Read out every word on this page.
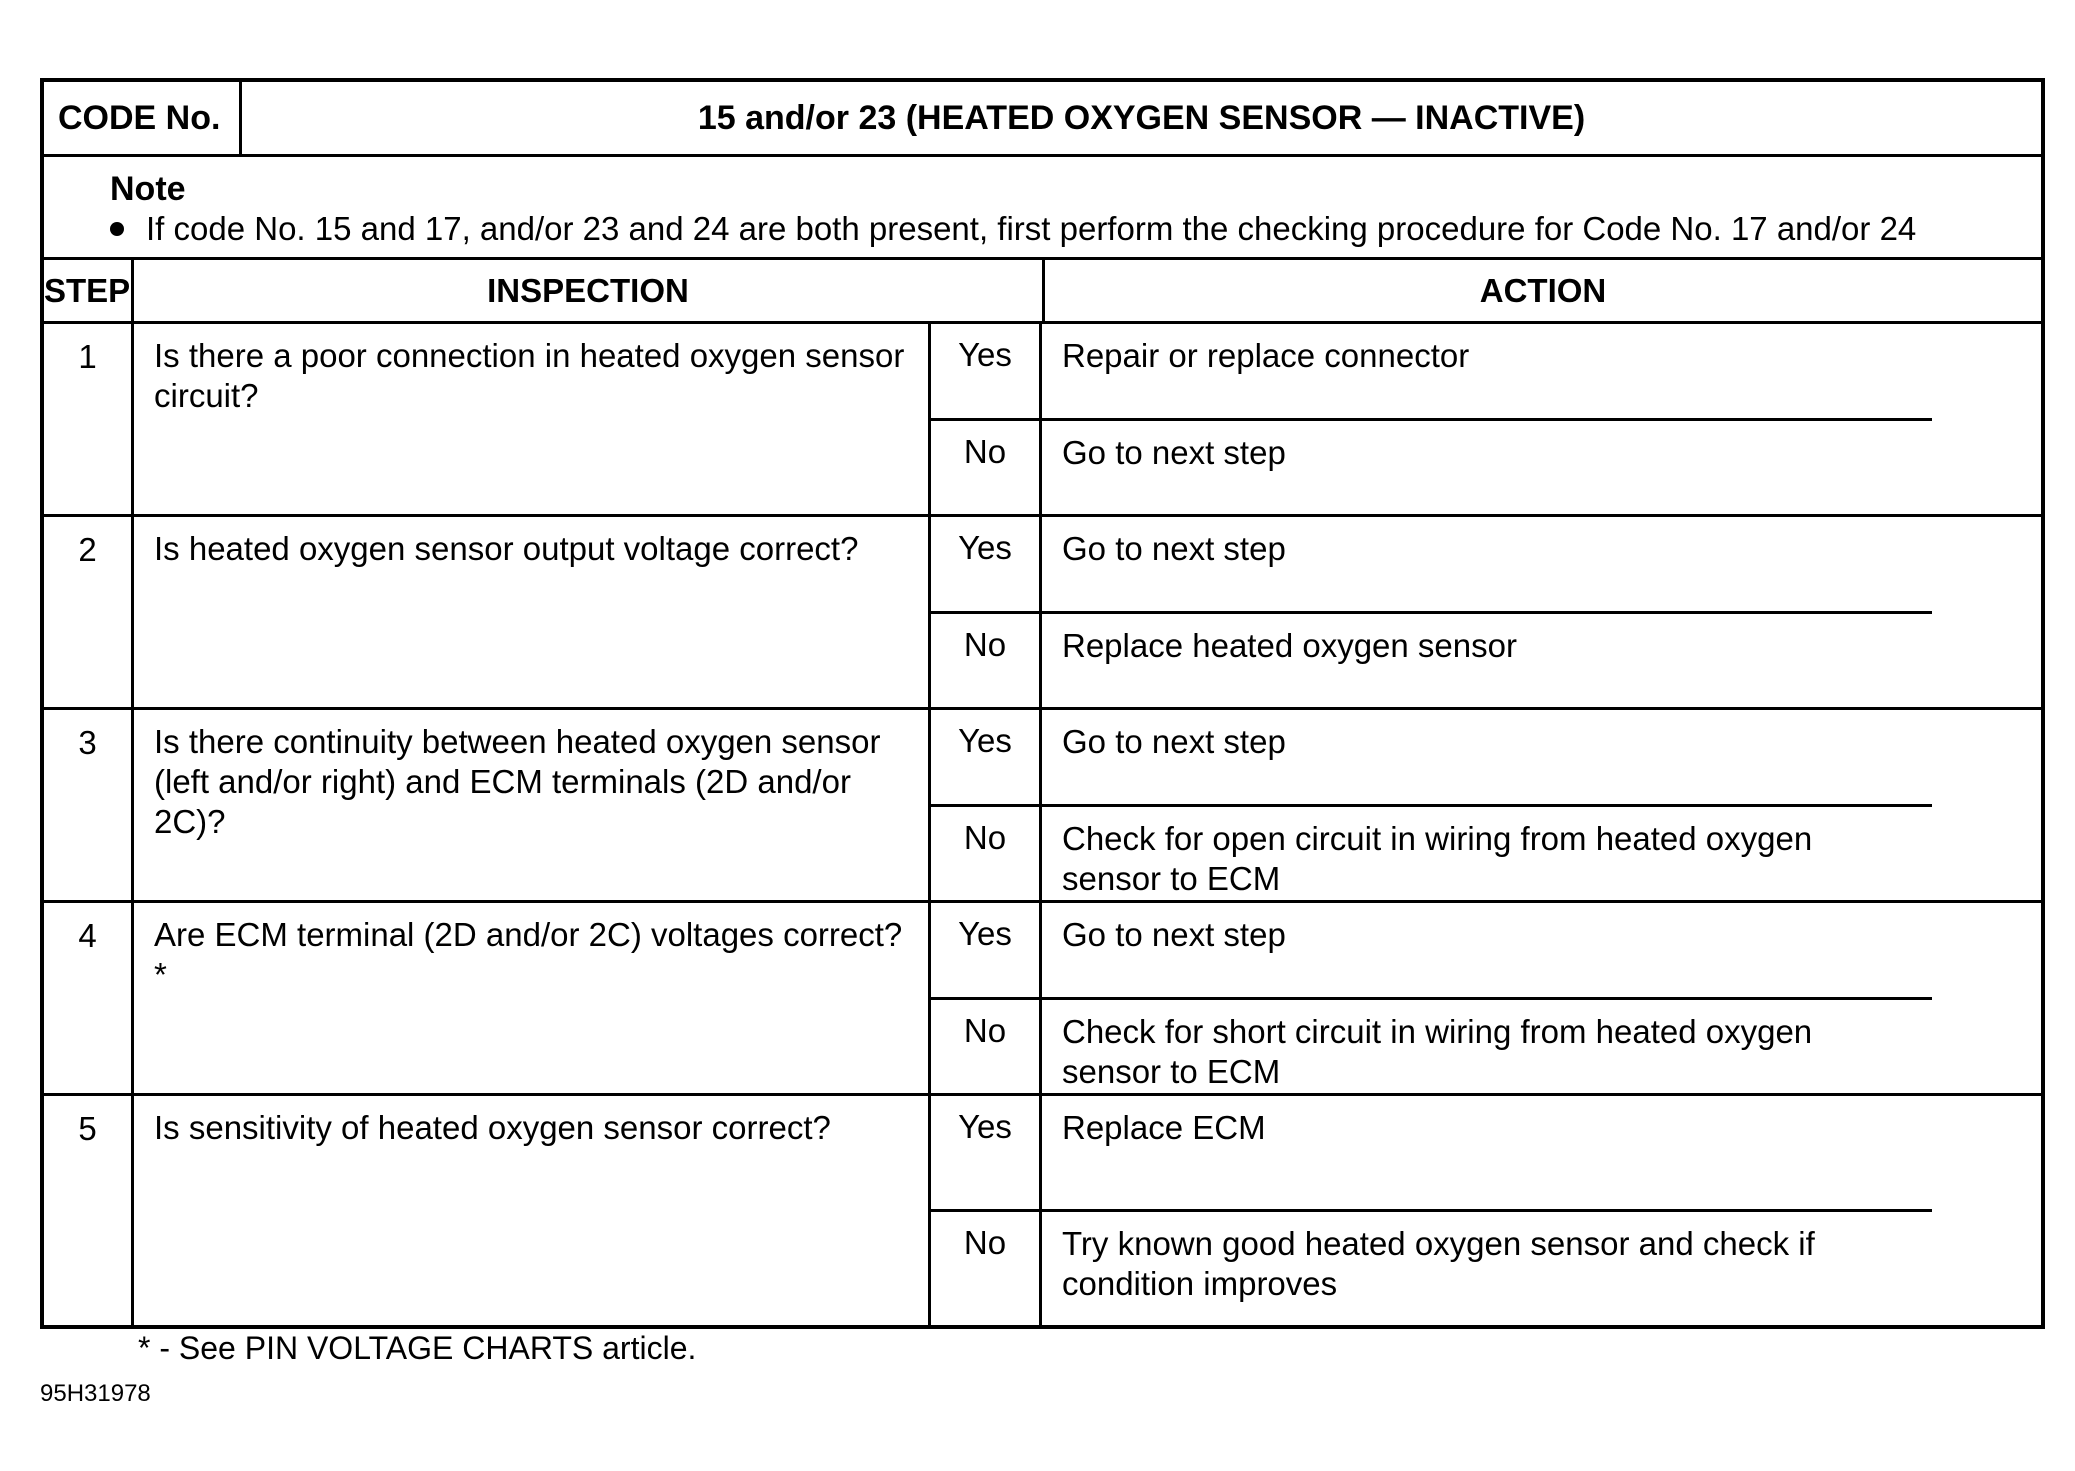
CODE No.	15 and/or 23 (HEATED OXYGEN SENSOR — INACTIVE)
Note
If code No. 15 and 17, and/or 23 and 24 are both present, first perform the checking procedure for Code No. 17 and/or 24
STEP	INSPECTION	ACTION
1	Is there a poor connection in heated oxygen sensor circuit?
Yes	Repair or replace connector
No	Go to next step
2	Is heated oxygen sensor output voltage correct?	Yes	Go to next step
No	Replace heated oxygen sensor
3	Is there continuity between heated oxygen sensor (left and/or right) and ECM terminals (2D and/or 2C)?
Yes	Go to next step
No	Check for open circuit in wiring from heated oxygen sensor to ECM
4	Are ECM terminal (2D and/or 2C) voltages correct? *
Yes	Go to next step
No	Check for short circuit in wiring from heated oxygen sensor to ECM
5	Is sensitivity of heated oxygen sensor correct?	Yes	Replace ECM
No	Try known good heated oxygen sensor and check if condition improves
* - See PIN VOLTAGE CHARTS article.
95H31978
